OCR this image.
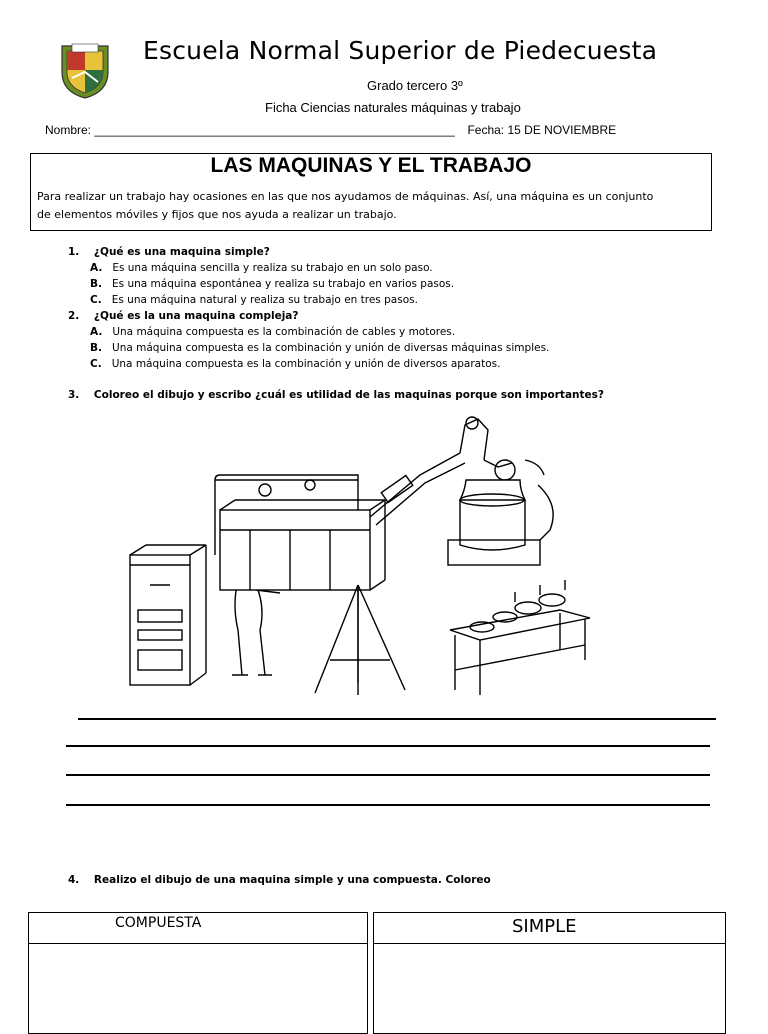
Escuela Normal Superior de Piedecuesta
Grado tercero 3º
Ficha Ciencias naturales máquinas y trabajo
Nombre: ______________________________________________________ Fecha: 15 DE NOVIEMBRE
LAS MAQUINAS Y EL TRABAJO
Para realizar un trabajo hay ocasiones en las que nos ayudamos de máquinas. Así, una máquina es un conjunto
de elementos móviles y fijos que nos ayuda a realizar un trabajo.
1. ¿Qué es una maquina simple?
A. Es una máquina sencilla y realiza su trabajo en un solo paso.
B. Es una máquina espontánea y realiza su trabajo en varios pasos.
C. Es una máquina natural y realiza su trabajo en tres pasos.
2. ¿Qué es la una maquina compleja?
A. Una máquina compuesta es la combinación de cables y motores.
B. Una máquina compuesta es la combinación y unión de diversas máquinas simples.
C. Una máquina compuesta es la combinación y unión de diversos aparatos.
3. Coloreo el dibujo y escribo ¿cuál es utilidad de las maquinas porque son importantes?
4. Realizo el dibujo de una maquina simple y una compuesta. Coloreo
COMPUESTA	SIMPLE
